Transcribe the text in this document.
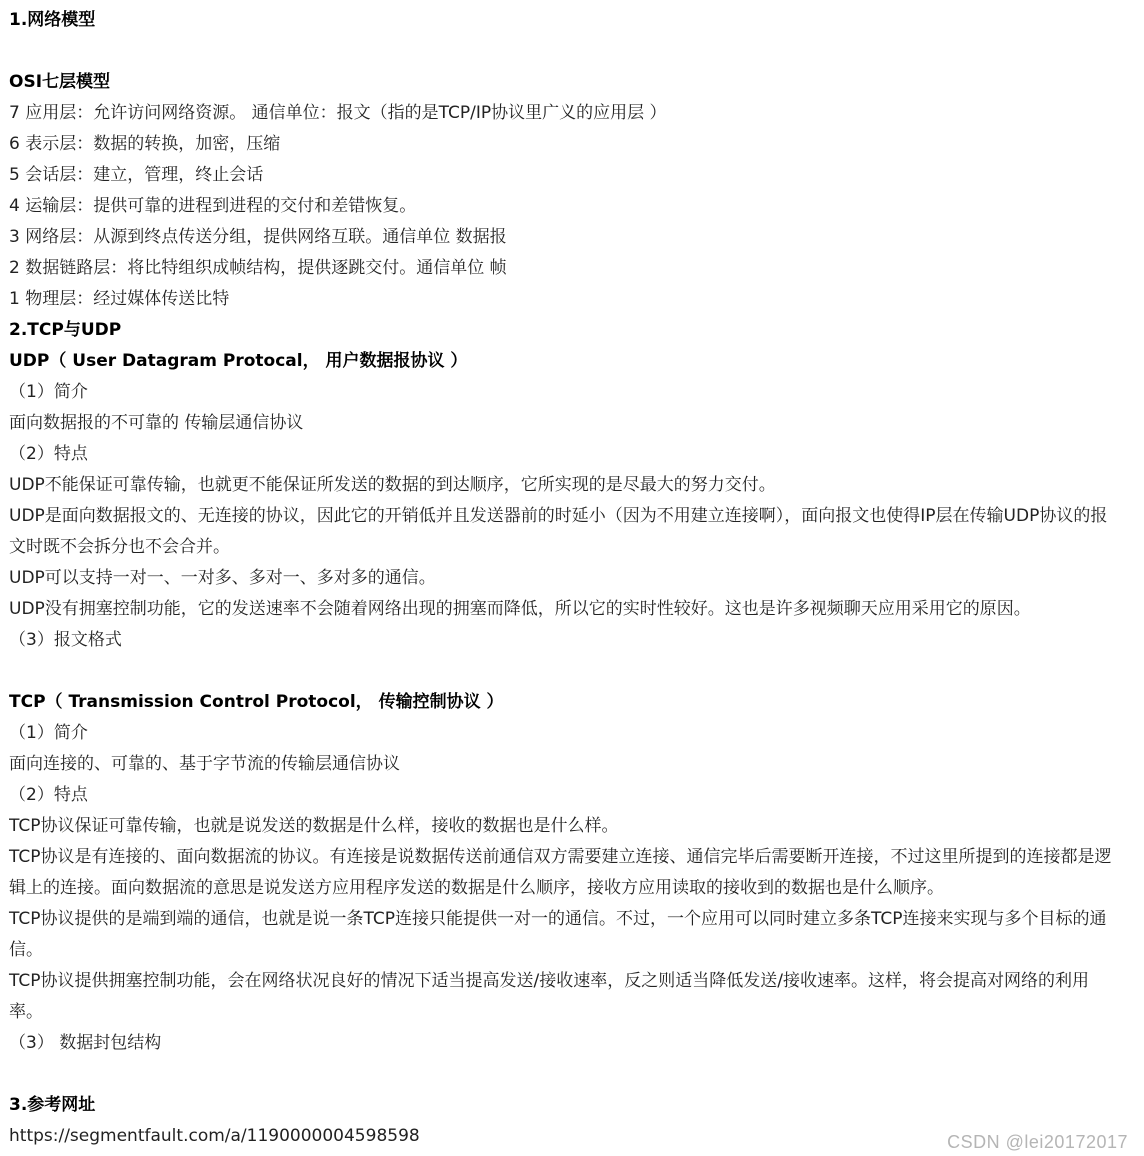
1.网络模型
OSI七层模型
7 应用层：允许访问网络资源。 通信单位：报文（指的是TCP/IP协议里广义的应用层 ）
6 表示层：数据的转换，加密，压缩
5 会话层：建立，管理，终止会话
4 运输层：提供可靠的进程到进程的交付和差错恢复。
3 网络层：从源到终点传送分组，提供网络互联。通信单位 数据报
2 数据链路层：将比特组织成帧结构，提供逐跳交付。通信单位 帧
1 物理层：经过媒体传送比特
2.TCP与UDP
UDP（ User Datagram Protocal， 用户数据报协议 ）
（1）简介
面向数据报的不可靠的 传输层通信协议
（2）特点
UDP不能保证可靠传输，也就更不能保证所发送的数据的到达顺序，它所实现的是尽最大的努力交付。
UDP是面向数据报文的、无连接的协议，因此它的开销低并且发送器前的时延小（因为不用建立连接啊），面向报文也使得IP层在传输UDP协议的报文时既不会拆分也不会合并。
UDP可以支持一对一、一对多、多对一、多对多的通信。
UDP没有拥塞控制功能，它的发送速率不会随着网络出现的拥塞而降低，所以它的实时性较好。这也是许多视频聊天应用采用它的原因。
（3）报文格式
TCP（ Transmission Control Protocol， 传输控制协议 ）
（1）简介
面向连接的、可靠的、基于字节流的传输层通信协议
（2）特点
TCP协议保证可靠传输，也就是说发送的数据是什么样，接收的数据也是什么样。
TCP协议是有连接的、面向数据流的协议。有连接是说数据传送前通信双方需要建立连接、通信完毕后需要断开连接，不过这里所提到的连接都是逻辑上的连接。面向数据流的意思是说发送方应用程序发送的数据是什么顺序，接收方应用读取的接收到的数据也是什么顺序。
TCP协议提供的是端到端的通信，也就是说一条TCP连接只能提供一对一的通信。不过，一个应用可以同时建立多条TCP连接来实现与多个目标的通信。
TCP协议提供拥塞控制功能，会在网络状况良好的情况下适当提高发送/接收速率，反之则适当降低发送/接收速率。这样，将会提高对网络的利用率。
（3） 数据封包结构
3.参考网址
https://segmentfault.com/a/1190000004598598	CSDN @lei20172017
